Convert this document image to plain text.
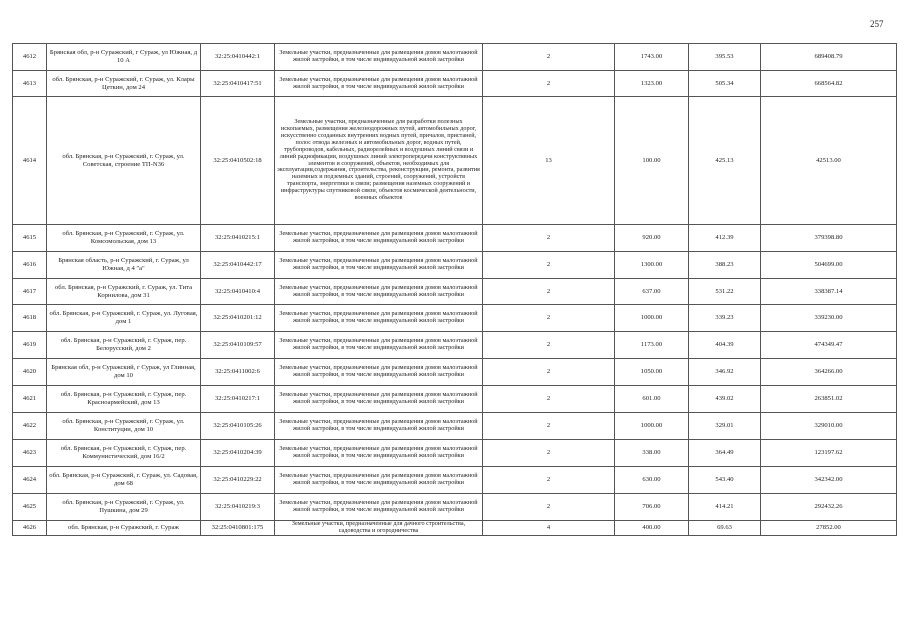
257
4612	Брянская обл, р-н Суражский, г Сураж, ул Южная, д 10 А	32:25:0410442:1	Земельные участки, предназначенные для размещения домов малоэтажной жилой застройки, в том числе индивидуальной жилой застройки	2	1743.00	395.53	689408.79
4613	обл. Брянская, р-н Суражский, г. Сураж, ул. Клары Цеткин, дом 24	32:25:0410417:51	Земельные участки, предназначенные для размещения домов малоэтажной жилой застройки, в том числе индивидуальной жилой застройки	2	1323.00	505.34	668564.82
4614	обл. Брянская, р-н Суражский, г. Сураж, ул. Советская, строение ТП-N36	32:25:0410502:18	Земельные участки, предназначенные для разработки полезных ископаемых, размещения железнодорожных путей, автомобильных дорог, искусственно созданных внутренних водных путей, причалов, пристаней, полос отвода железных и автомобильных дорог, водных путей, трубопроводов, кабельных, радиорелейных и воздушных линий связи и линий радиофикации, воздушных линий электропередачи конструктивных элементов и сооружений, объектов, необходимых для эксплуатации,содержания, строительства, реконструкции, ремонта, развития наземных и подземных зданий, строений, сооружений, устройств транспорта, энергетики и связи; размещения наземных сооружений и инфраструктуры спутниковой связи, объектов космической деятельности, военных объектов	13	100.00	425.13	42513.00
4615	обл. Брянская, р-н Суражский, г. Сураж, ул. Комсомольская, дом 13	32:25:0410215:1	Земельные участки, предназначенные для размещения домов малоэтажной жилой застройки, в том числе индивидуальной жилой застройки	2	920.00	412.39	379398.80
4616	Брянская область, р-н Суражский, г. Сураж, ул Южная, д 4 "а"	32:25:0410442:17	Земельные участки, предназначенные для размещения домов малоэтажной жилой застройки, в том числе индивидуальной жилой застройки	2	1300.00	388.23	504699.00
4617	обл. Брянская, р-н Суражский, г. Сураж, ул. Тита Корнилова, дом 31	32:25:0410410:4	Земельные участки, предназначенные для размещения домов малоэтажной жилой застройки, в том числе индивидуальной жилой застройки	2	637.00	531.22	338387.14
4618	обл. Брянская, р-н Суражский, г. Сураж, ул. Луговая, дом 1	32:25:0410201:12	Земельные участки, предназначенные для размещения домов малоэтажной жилой застройки, в том числе индивидуальной жилой застройки	2	1000.00	339.23	339230.00
4619	обл. Брянская, р-н Суражский, г. Сураж, пер. Белорусский, дом 2	32:25:0410109:57	Земельные участки, предназначенные для размещения домов малоэтажной жилой застройки, в том числе индивидуальной жилой застройки	2	1173.00	404.39	474349.47
4620	Брянская обл, р-н Суражский, г Сураж, ул Глинная, дом 10	32:25:0411002:6	Земельные участки, предназначенные для размещения домов малоэтажной жилой застройки, в том числе индивидуальной жилой застройки	2	1050.00	346.92	364266.00
4621	обл. Брянская, р-н Суражский, г. Сураж, пер. Красноармейский, дом 13	32:25:0410217:1	Земельные участки, предназначенные для размещения домов малоэтажной жилой застройки, в том числе индивидуальной жилой застройки	2	601.00	439.02	263851.02
4622	обл. Брянская, р-н Суражский, г. Сураж, ул. Конституции, дом 10	32:25:0410105:26	Земельные участки, предназначенные для размещения домов малоэтажной жилой застройки, в том числе индивидуальной жилой застройки	2	1000.00	329.01	329010.00
4623	обл. Брянская, р-н Суражский, г. Сураж, пер. Коммунистический, дом 16/2	32:25:0410204:39	Земельные участки, предназначенные для размещения домов малоэтажной жилой застройки, в том числе индивидуальной жилой застройки	2	338.00	364.49	123197.62
4624	обл. Брянская, р-н Суражский, г. Сураж, ул. Садовая, дом 68	32:25:0410229:22	Земельные участки, предназначенные для размещения домов малоэтажной жилой застройки, в том числе индивидуальной жилой застройки	2	630.00	543.40	342342.00
4625	обл. Брянская, р-н Суражский, г. Сураж, ул. Пушкина, дом 29	32:25:0410219:3	Земельные участки, предназначенные для размещения домов малоэтажной жилой застройки, в том числе индивидуальной жилой застройки	2	706.00	414.21	292432.26
4626	обл. Брянская, р-н Суражский, г. Сураж	32:25:0410801:175	Земельные участки, предназначенные для дачного строительства, садоводства и огородничества	4	400.00	69.63	27852.00
